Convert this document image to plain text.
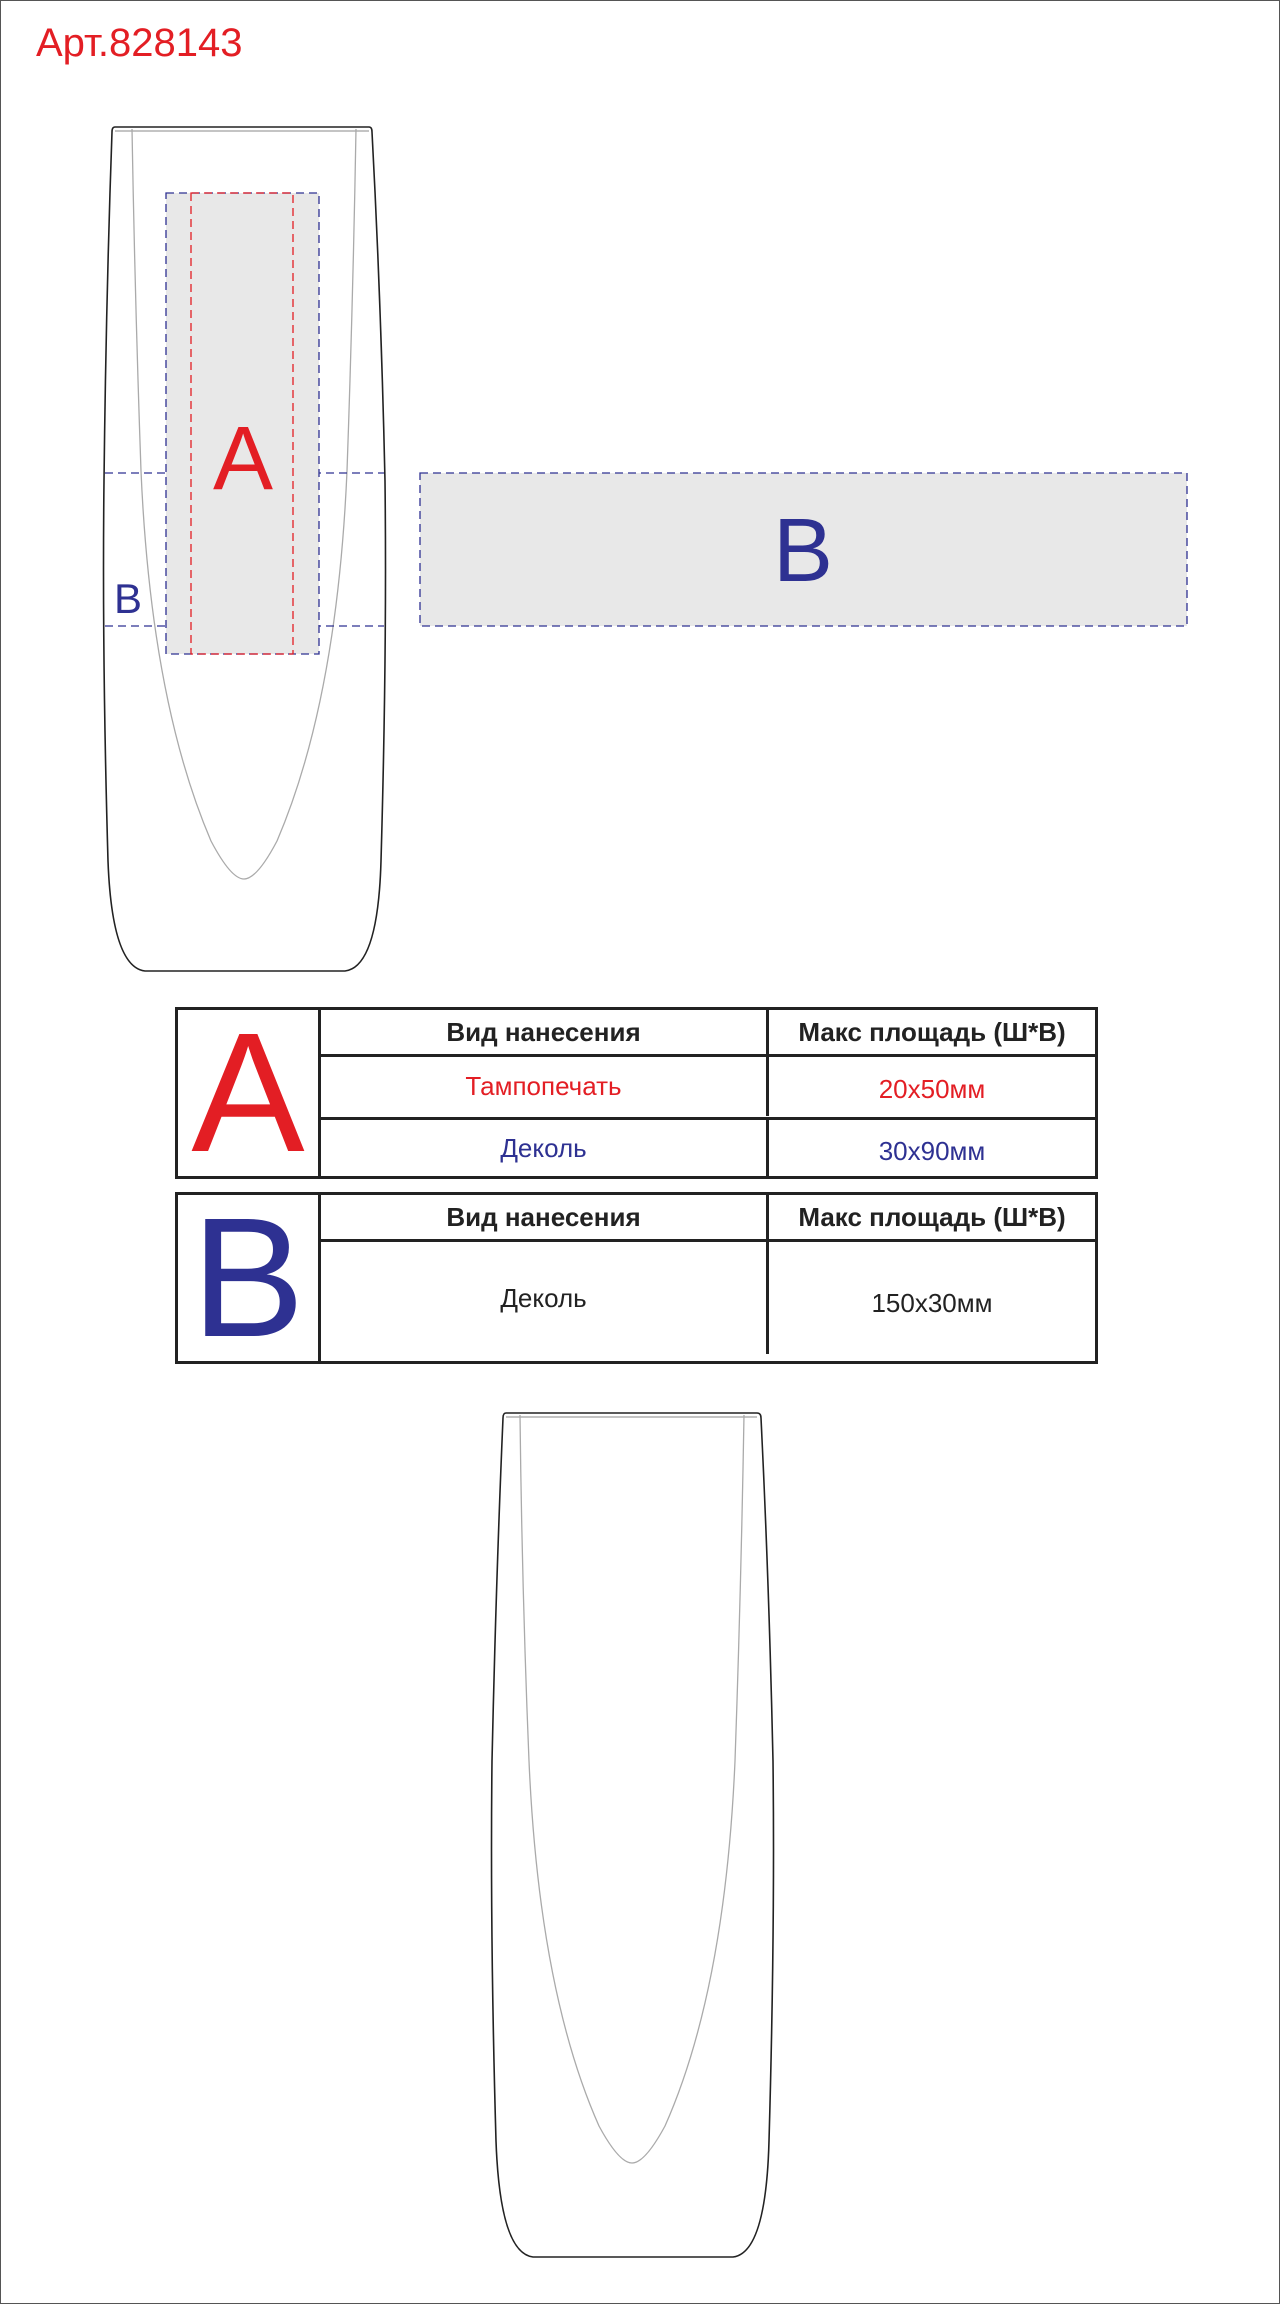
Арт.828143
A
B	B
A	Вид нанесения	Макс площадь (Ш*В)
Тампопечать	20х50мм
Деколь	30х90мм
B	Вид нанесения	Макс площадь (Ш*В)
Деколь	150х30мм
